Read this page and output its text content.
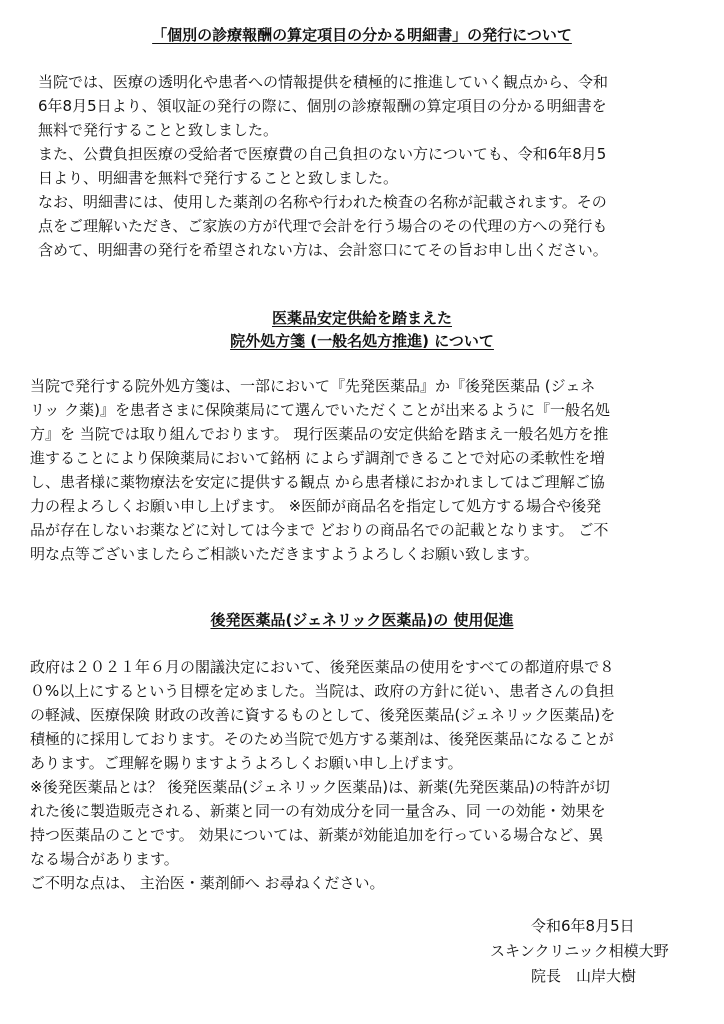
「個別の診療報酬の算定項目の分かる明細書」の発行について
当院では、医療の透明化や患者への情報提供を積極的に推進していく観点から、令和
6年8月5日より、領収証の発行の際に、個別の診療報酬の算定項目の分かる明細書を
無料で発行することと致しました。
また、公費負担医療の受給者で医療費の自己負担のない方についても、令和6年8月5
日より、明細書を無料で発行することと致しました。
なお、明細書には、使用した薬剤の名称や行われた検査の名称が記載されます。その
点をご理解いただき、ご家族の方が代理で会計を行う場合のその代理の方への発行も
含めて、明細書の発行を希望されない方は、会計窓口にてその旨お申し出ください。
医薬品安定供給を踏まえた
院外処方箋 (一般名処方推進) について
当院で発行する院外処方箋は、一部において『先発医薬品』か『後発医薬品 (ジェネ
リッ ク薬)』を患者さまに保険薬局にて選んでいただくことが出来るように『一般名処
方』を 当院では取り組んでおります。 現行医薬品の安定供給を踏まえ一般名処方を推
進することにより保険薬局において銘柄 によらず調剤できることで対応の柔軟性を増
し、患者様に薬物療法を安定に提供する観点 から患者様におかれましてはご理解ご協
力の程よろしくお願い申し上げます。 ※医師が商品名を指定して処方する場合や後発
品が存在しないお薬などに対しては今まで どおりの商品名での記載となります。 ご不
明な点等ございましたらご相談いただきますようよろしくお願い致します。
後発医薬品(ジェネリック医薬品)の 使用促進
政府は２０２１年６月の閣議決定において、後発医薬品の使用をすべての都道府県で８
０%以上にするという目標を定めました。当院は、政府の方針に従い、患者さんの負担
の軽減、医療保険 財政の改善に資するものとして、後発医薬品(ジェネリック医薬品)を
積極的に採用しております。そのため当院で処方する薬剤は、後発医薬品になることが
あります。ご理解を賜りますようよろしくお願い申し上げます。
※後発医薬品とは？ 後発医薬品(ジェネリック医薬品)は、新薬(先発医薬品)の特許が切
れた後に製造販売される、新薬と同一の有効成分を同一量含み、同 一の効能・効果を
持つ医薬品のことです。 効果については、新薬が効能追加を行っている場合など、異
なる場合があります。
ご不明な点は、 主治医・薬剤師へ お尋ねください。
令和6年8月5日
スキンクリニック相模大野
院長　山岸大樹
